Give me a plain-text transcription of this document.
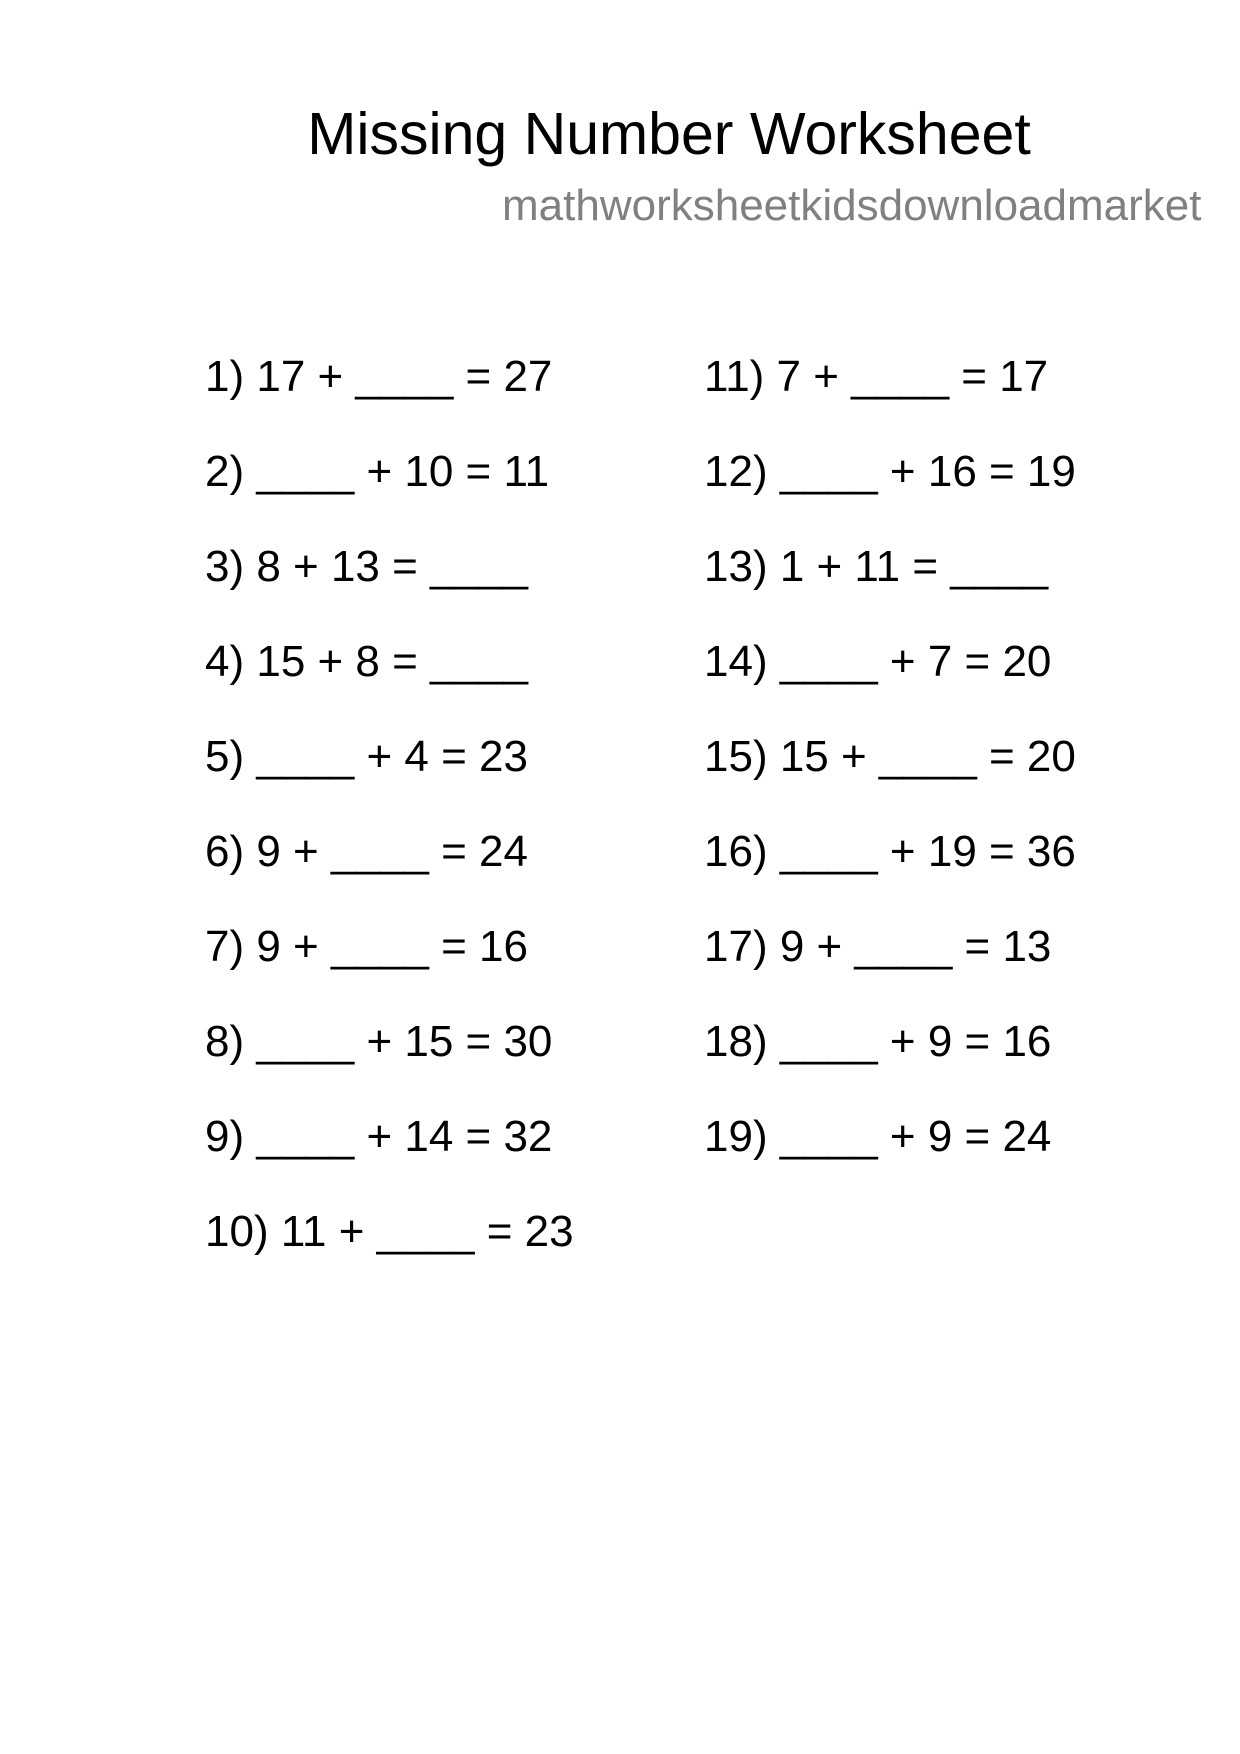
Missing Number Worksheet
mathworksheetkidsdownloadmarket
1) 17 + ____ = 27
2) ____ + 10 = 11
3) 8 + 13 = ____
4) 15 + 8 = ____
5) ____ + 4 = 23
6) 9 + ____ = 24
7) 9 + ____ = 16
8) ____ + 15 = 30
9) ____ + 14 = 32
10) 11 + ____ = 23
11) 7 + ____ = 17
12) ____ + 16 = 19
13) 1 + 11 = ____
14) ____ + 7 = 20
15) 15 + ____ = 20
16) ____ + 19 = 36
17) 9 + ____ = 13
18) ____ + 9 = 16
19) ____ + 9 = 24
